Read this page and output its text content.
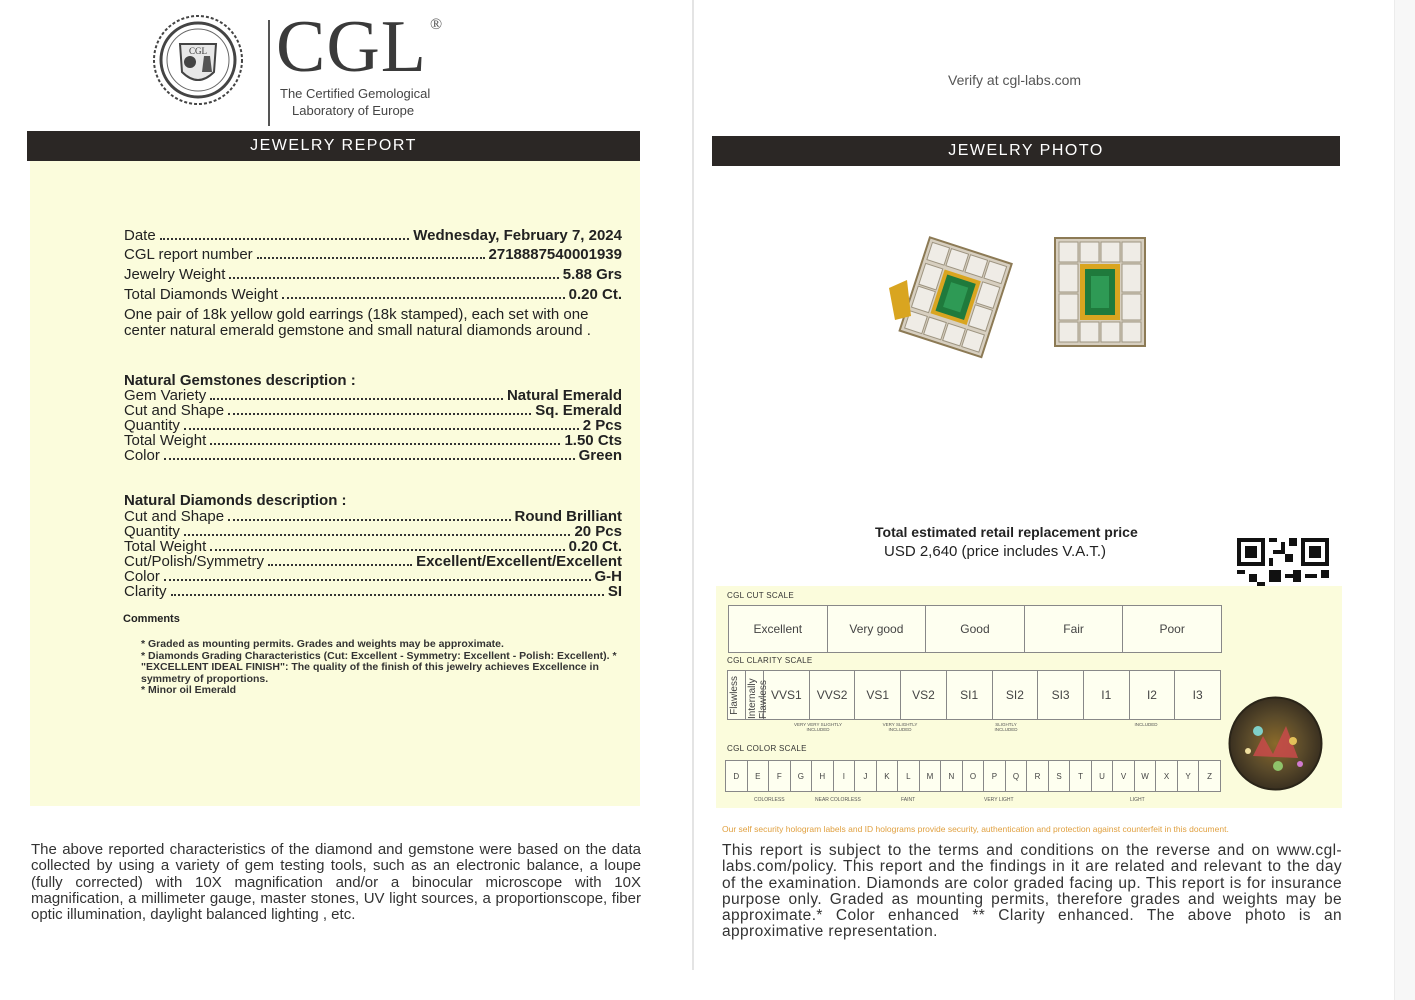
CGL CGL ®
The Certified Gemological
Laboratory of Europe
JEWELRY REPORT
Date	Wednesday, February 7, 2024
CGL report number	2718887540001939
Jewelry Weight	5.88 Grs
Total Diamonds Weight	0.20 Ct.
One pair of 18k yellow gold earrings (18k stamped), each set with one center natural emerald gemstone and small natural diamonds around .
Natural Gemstones description :
Gem Variety	Natural Emerald
Cut and Shape	Sq. Emerald
Quantity	2 Pcs
Total Weight	1.50 Cts
Color	Green
Natural Diamonds description :
Cut and Shape	Round Brilliant
Quantity	20 Pcs
Total Weight	0.20 Ct.
Cut/Polish/Symmetry	Excellent/Excellent/Excellent
Color	G-H
Clarity	SI
Comments
* Graded as mounting permits. Grades and weights may be approximate.
* Diamonds Grading Characteristics (Cut: Excellent - Symmetry: Excellent - Polish: Excellent). * "EXCELLENT IDEAL FINISH": The quality of the finish of this jewelry achieves Excellence in symmetry of proportions.
* Minor oil Emerald
The above reported characteristics of the diamond and gemstone were based on the data collected by using a variety of gem testing tools, such as an electronic balance, a loupe (fully corrected) with 10X magnification and/or a binocular microscope with 10X magnification, a millimeter gauge, master stones, UV light sources, a proportionscope, fiber optic illumination, daylight balanced lighting , etc.
Verify at cgl-labs.com
JEWELRY PHOTO
Total estimated retail replacement price
USD 2,640 (price includes V.A.T.)
CGL CUT SCALE
Excellent	Very good	Good	Fair	Poor
CGL CLARITY SCALE
Flawless Internally Flawless VVS1	VVS2	VS1	VS2	SI1	SI2	SI3	I1	I2	I3
VERY VERY SLIGHTLY INCLUDED
VERY SLIGHTLY INCLUDED
SLIGHTLY INCLUDED
INCLUDED
CGL COLOR SCALE
D	E	F	G	H	I	J	K	L	M	N	O	P	Q	R	S	T	U	V	W	X	Y	Z
COLORLESS	NEAR COLORLESS	FAINT	VERY LIGHT	LIGHT
Our self security hologram labels and ID holograms provide security, authentication and protection against counterfeit in this document.
This report is subject to the terms and conditions on the reverse and on www.cgl-labs.com/policy. This report and the findings in it are related and relevant to the day of the examination. Diamonds are color graded facing up. This report is for insurance purpose only. Graded as mounting permits, therefore grades and weights may be approximate.* Color enhanced ** Clarity enhanced. The above photo is an approximative representation.
